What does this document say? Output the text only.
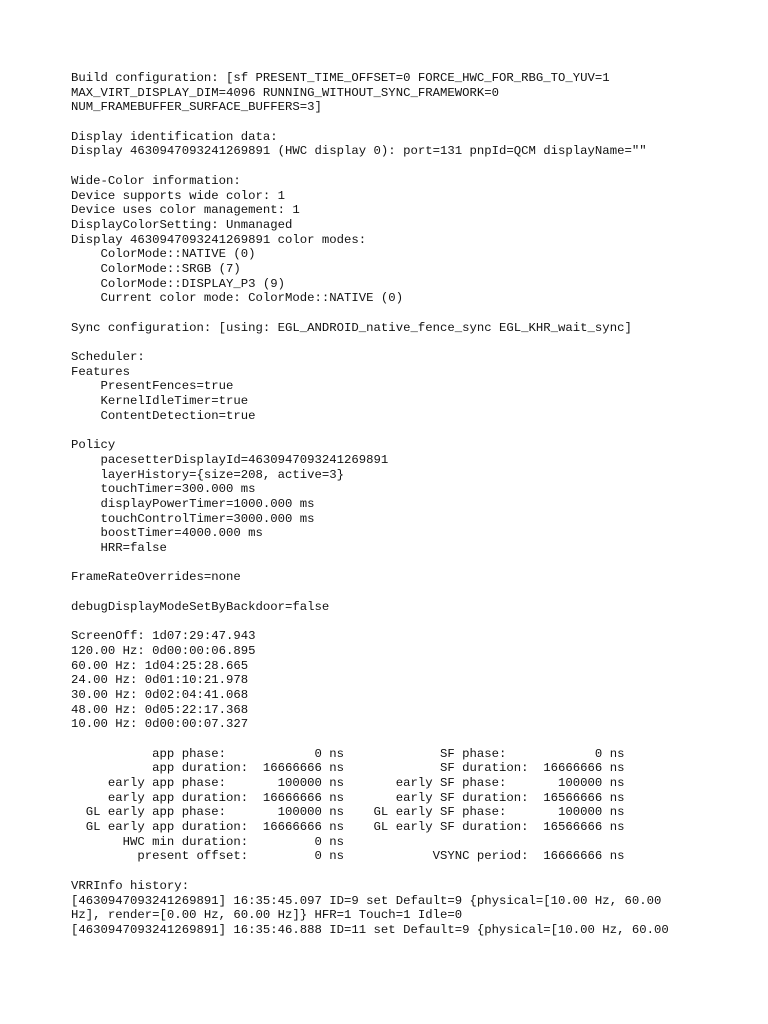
Build configuration: [sf PRESENT_TIME_OFFSET=0 FORCE_HWC_FOR_RBG_TO_YUV=1
MAX_VIRT_DISPLAY_DIM=4096 RUNNING_WITHOUT_SYNC_FRAMEWORK=0
NUM_FRAMEBUFFER_SURFACE_BUFFERS=3]
Display identification data:
Display 4630947093241269891 (HWC display 0): port=131 pnpId=QCM displayName=""
Wide-Color information:
Device supports wide color: 1
Device uses color management: 1
DisplayColorSetting: Unmanaged
Display 4630947093241269891 color modes:
ColorMode::NATIVE (0)
ColorMode::SRGB (7)
ColorMode::DISPLAY_P3 (9)
Current color mode: ColorMode::NATIVE (0)
Sync configuration: [using: EGL_ANDROID_native_fence_sync EGL_KHR_wait_sync]
Scheduler:
Features
PresentFences=true
KernelIdleTimer=true
ContentDetection=true
Policy
pacesetterDisplayId=4630947093241269891
layerHistory={size=208, active=3}
touchTimer=300.000 ms
displayPowerTimer=1000.000 ms
touchControlTimer=3000.000 ms
boostTimer=4000.000 ms
HRR=false
FrameRateOverrides=none
debugDisplayModeSetByBackdoor=false
ScreenOff: 1d07:29:47.943
120.00 Hz: 0d00:00:06.895
60.00 Hz: 1d04:25:28.665
24.00 Hz: 0d01:10:21.978
30.00 Hz: 0d02:04:41.068
48.00 Hz: 0d05:22:17.368
10.00 Hz: 0d00:00:07.327
app phase:            0 ns             SF phase:            0 ns
app duration:  16666666 ns             SF duration:  16666666 ns
early app phase:       100000 ns       early SF phase:       100000 ns
early app duration:  16666666 ns       early SF duration:  16566666 ns
GL early app phase:       100000 ns    GL early SF phase:       100000 ns
GL early app duration:  16666666 ns    GL early SF duration:  16566666 ns
HWC min duration:         0 ns
present offset:         0 ns            VSYNC period:  16666666 ns
VRRInfo history:
[4630947093241269891] 16:35:45.097 ID=9 set Default=9 {physical=[10.00 Hz, 60.00
Hz], render=[0.00 Hz, 60.00 Hz]} HFR=1 Touch=1 Idle=0
[4630947093241269891] 16:35:46.888 ID=11 set Default=9 {physical=[10.00 Hz, 60.00
